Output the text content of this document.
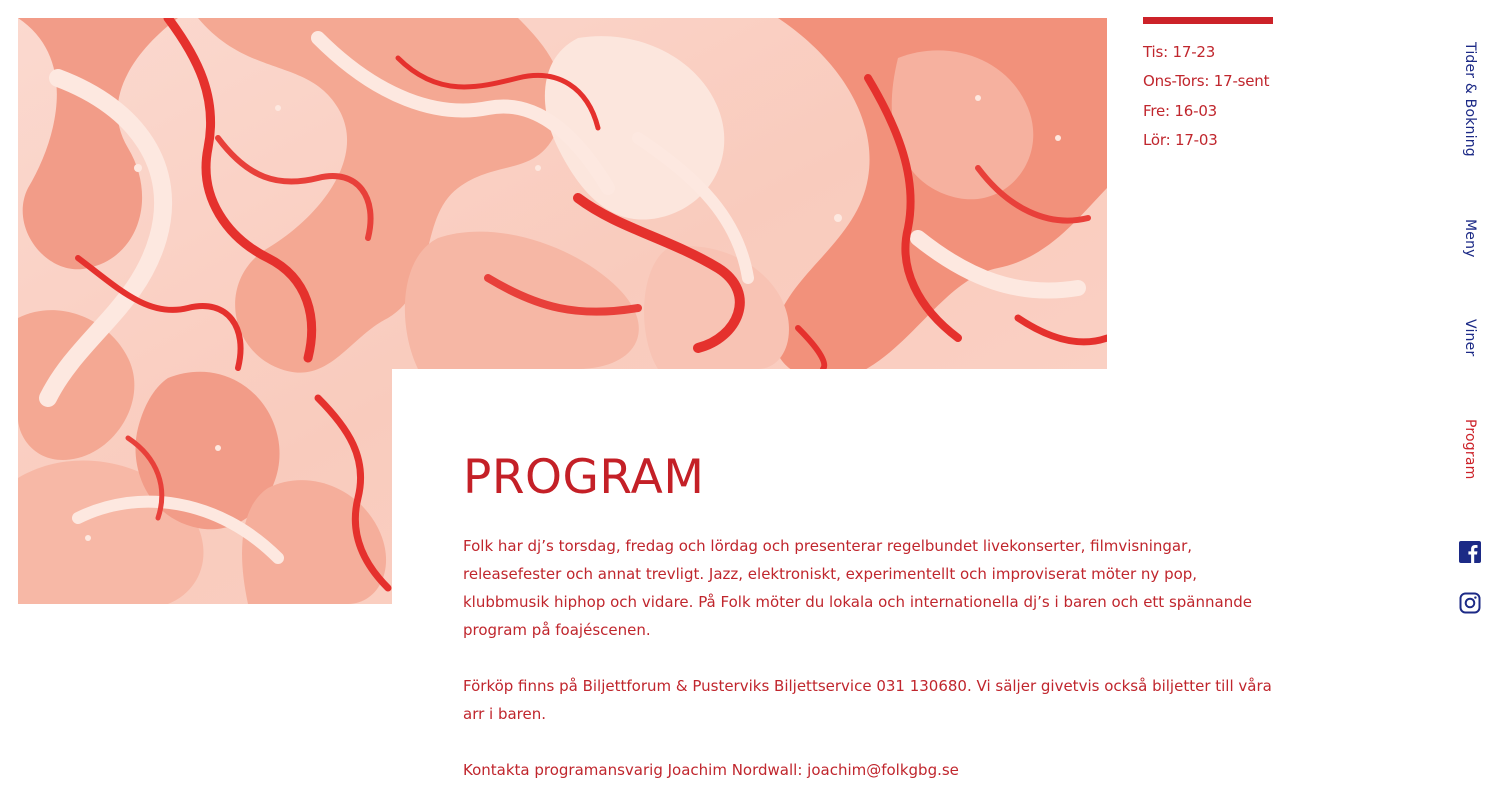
Tis: 17-23
Ons-Tors: 17-sent
Fre: 16-03
Lör: 17-03	Tider & Bokning
Meny
Viner
Program
PROGRAM

Folk har dj’s torsdag, fredag och lördag och presenterar regelbundet livekonserter, filmvisningar, releasefester och annat trevligt. Jazz, elektroniskt, experimentellt och improviserat möter ny pop, klubbmusik hiphop och vidare. På Folk möter du lokala och internationella dj’s i baren och ett spännande program på foajéscenen.

Förköp finns på Biljettforum & Pusterviks Biljettservice 031 130680. Vi säljer givetvis också biljetter till våra arr i baren.

Kontakta programansvarig Joachim Nordwall: joachim@folkgbg.se
